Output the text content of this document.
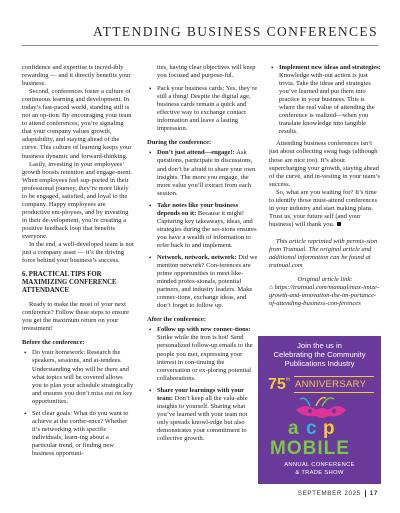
ATTENDING BUSINESS CONFERENCES

confidence and expertise is incred-ibly rewarding — and it directly benefits your business.

Second, conferences foster a culture of continuous learning and development. In today’s fast-paced world, standing still is not an op-tion. By encouraging your team to attend conferences, you’re signaling that your company values growth, adaptability, and staying ahead of the curve. This culture of learning keeps your business dynamic and forward-thinking.

Lastly, investing in your employees’ growth boosts retention and engage-ment. When employees feel sup-ported in their professional journey, they’re more likely to be engaged, satisfied, and loyal to the company. Happy employees are productive em-ployees, and by investing in their de-velopment, you’re creating a positive feedback loop that benefits everyone.

In the end, a well-developed team is not just a company asset — it’s the driving force behind your business’s success.

6. PRACTICAL TIPS FOR MAXIMIZING CONFERENCE ATTENDANCE

Ready to make the most of your next conference? Follow these steps to ensure you get the maximum return on your investment!

Before the conference:

• Do your homework: Research the speakers, sessions, and at-tendees. Understanding who will be there and what topics will be covered allows you to plan your schedule strategically and ensures you don’t miss out on key opportunities.
• Set clear goals: What do you want to achieve at the confer-ence? Whether it’s networking with specific individuals, learn-ing about a particular trend, or finding new business opportuni-

ties, having clear objectives will keep you focused and purpose-ful.

• Pack your business cards: Yes, they’re still a thing! Despite the digital age, business cards remain a quick and effective way to exchange contact information and leave a lasting impression.

During the conference:

• Don’t just attend—engage!: Ask questions, participate in discussions, and don’t be afraid to share your own insights. The more you engage, the more value you’ll extract from each session.
• Take notes like your business depends on it: Because it might! Capturing key takeaways, ideas, and strategies during the ses-sions ensures you have a wealth of information to refer back to and implement.
• Network, network, network: Did we mention network? Con-ferences are prime opportunities to meet like-minded profes-sionals, potential partners, and industry leaders. Make connec-tions, exchange ideas, and don’t forget to follow up.

After the conference:

• Follow up with new connec-tions: Strike while the iron is hot! Send personalized follow-up emails to the people you met, expressing your interest in con-tinuing the conversation or ex-ploring potential collaborations.
• Share your learnings with your team: Don’t keep all the valu-able insights to yourself. Sharing what you’ve learned with your team not only spreads knowl-edge but also demonstrates your commitment to collective growth.
• Implement new ideas and strategies: Knowledge with-out action is just trivia. Take the ideas and strategies you’ve learned and put them into practice in your business. This is where the real value of attending the conference is realized—when you translate knowledge into tangible results.

Attending business conferences isn’t just about collecting swag bags (although those are nice too). It’s about supercharging your growth, staying ahead of the curve, and in-vesting in your team’s success.

So, what are you waiting for? It’s time to identify those must-attend conferences in your industry and start making plans. Trust us, your future self (and your business) will thank you.

This article reprinted with permis-sion from Trainual. The original article and additional information can be found at trainual.com

Original article link:

⌂ https://trainual.com/manual/max-imize-growth-and-innovation-the-im-portance-of-attending-business-con-ferences

Join the us in
Celebrating the Community
Publications Industry
75 th ANNIVERSARY
a c p
MOBILE
ANNUAL CONFERENCE
& TRADE SHOW
SEPTEMBER 2025 17
